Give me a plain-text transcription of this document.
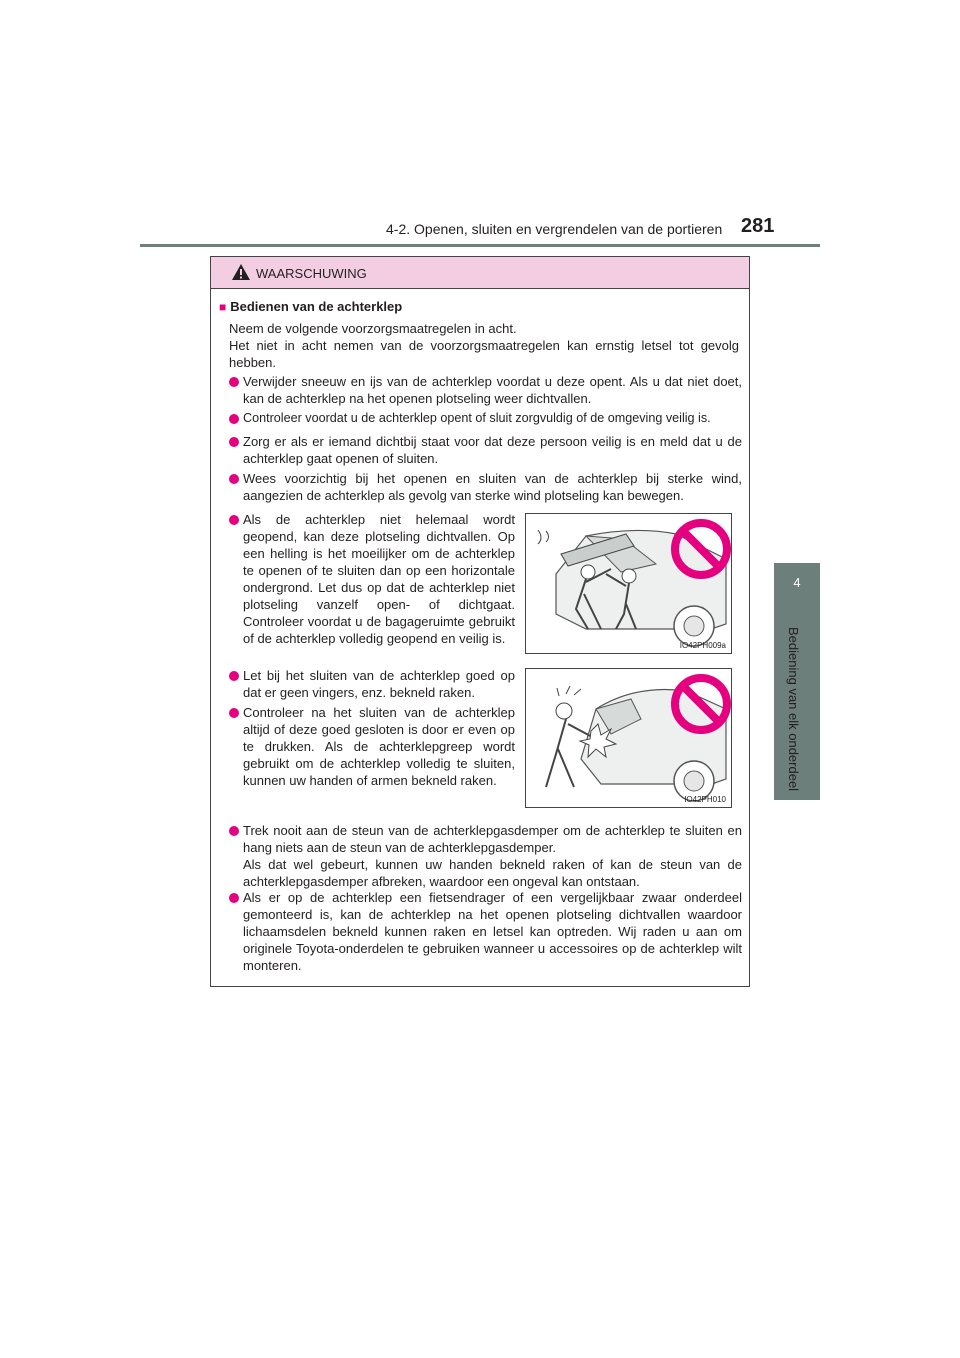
4-2. Openen, sluiten en vergrendelen van de portieren 281
4
Bediening van elk onderdeel
WAARSCHUWING
■ Bedienen van de achterklep
Neem de volgende voorzorgsmaatregelen in acht.
Het niet in acht nemen van de voorzorgsmaatregelen kan ernstig letsel tot gevolg hebben.
Verwijder sneeuw en ijs van de achterklep voordat u deze opent. Als u dat niet doet, kan de achterklep na het openen plotseling weer dichtvallen.
Controleer voordat u de achterklep opent of sluit zorgvuldig of de omgeving veilig is.
Zorg er als er iemand dichtbij staat voor dat deze persoon veilig is en meld dat u de achterklep gaat openen of sluiten.
Wees voorzichtig bij het openen en sluiten van de achterklep bij sterke wind, aangezien de achterklep als gevolg van sterke wind plotseling kan bewegen.
Als de achterklep niet helemaal wordt geopend, kan deze plotseling dichtvallen. Op een helling is het moeilijker om de achterklep te openen of te sluiten dan op een horizontale ondergrond. Let dus op dat de achterklep niet plotseling vanzelf open- of dichtgaat. Controleer voordat u de bagageruimte gebruikt of de achterklep volledig geopend en veilig is.
Let bij het sluiten van de achterklep goed op dat er geen vingers, enz. bekneld raken.
Controleer na het sluiten van de achterklep altijd of deze goed gesloten is door er even op te drukken. Als de achterklepgreep wordt gebruikt om de achterklep volledig te sluiten, kunnen uw handen of armen bekneld raken.
Trek nooit aan de steun van de achterklepgasdemper om de achterklep te sluiten en hang niets aan de steun van de achterklepgasdemper.
Als dat wel gebeurt, kunnen uw handen bekneld raken of kan de steun van de achterklepgasdemper afbreken, waardoor een ongeval kan ontstaan.
Als er op de achterklep een fietsendrager of een vergelijkbaar zwaar onderdeel gemonteerd is, kan de achterklep na het openen plotseling dichtvallen waardoor lichaamsdelen bekneld kunnen raken en letsel kan optreden. Wij raden u aan om originele Toyota-onderdelen te gebruiken wanneer u accessoires op de achterklep wilt monteren.
IO42PH009a
IO42PH010
